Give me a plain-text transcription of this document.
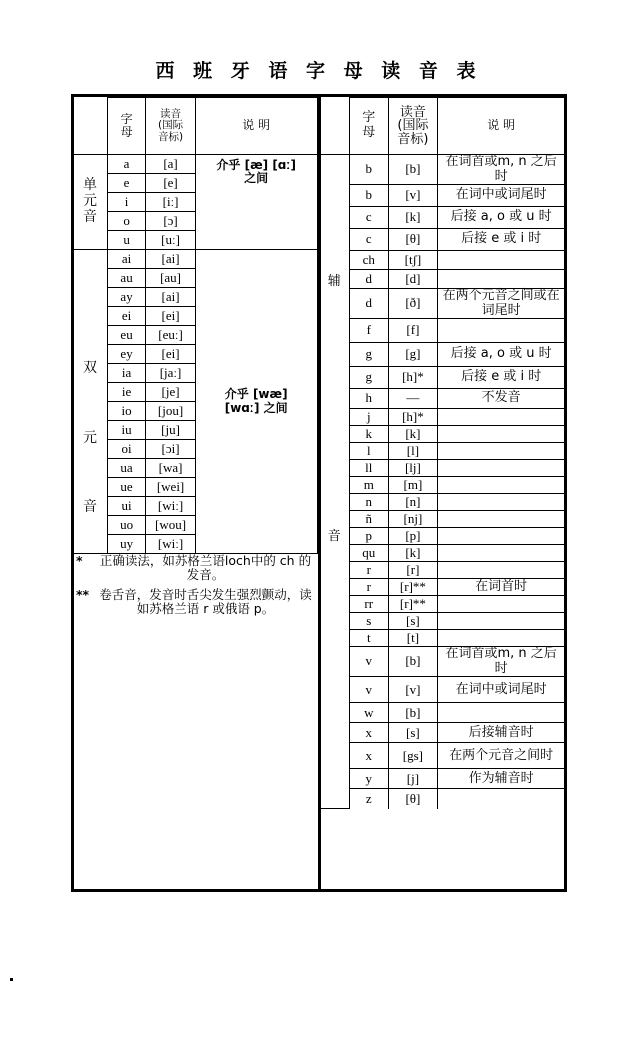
西 班 牙 语 字 母 读 音 表

字
母

读音
(国际
音标)
	说 明

单
元
音
	a	[a]	介乎 [æ] [ɑː]
之间

e	[e]
i	[iː]
o	[ɔ]
u	[uː]

双
元
音
	ai	[ai]	
介乎 [wæ]
[wɑː] 之间

au	[au]
ay	[ai]
ei	[ei]
eu	[euː]
ey	[ei]
ia	[jaː]
ie	[je]
io	[jou]
iu	[ju]
oi	[ɔi]
ua	[wa]
ue	[wei]
ui	[wiː]
uo	[wou]
uy	[wiː]

* 正确读法，如苏格兰语loch中的 ch 的发音。
** 卷舌音，发音时舌尖发生强烈颤动，读如苏格兰语 r 或俄语 p。

字
母

读音
(国际
音标)
	说 明

辅
音
	b	[b]	在词首或m, n 之后时
b	[v]	在词中或词尾时
c	[k]	后接 a, o 或 u 时
c	[θ]	后接 e 或 i 时
ch	[tʃ]	
d	[d]	
d	[ð]	在两个元音之间或在词尾时
f	[f]	
g	[g]	后接 a, o 或 u 时
g	[h]*	后接 e 或 i 时
h	—	不发音
j	[h]*	
k	[k]	
l	[l]	
ll	[lj]	
m	[m]	
n	[n]	
ñ	[nj]	
p	[p]	
qu	[k]	
r	[r]	
r	[r]**	在词首时
rr	[r]**	
s	[s]	
t	[t]	
v	[b]	在词首或m, n 之后时
v	[v]	在词中或词尾时
w	[b]	
x	[s]	后接辅音时
x	[gs]	在两个元音之间时
y	[j]	作为辅音时
z	[θ]	
